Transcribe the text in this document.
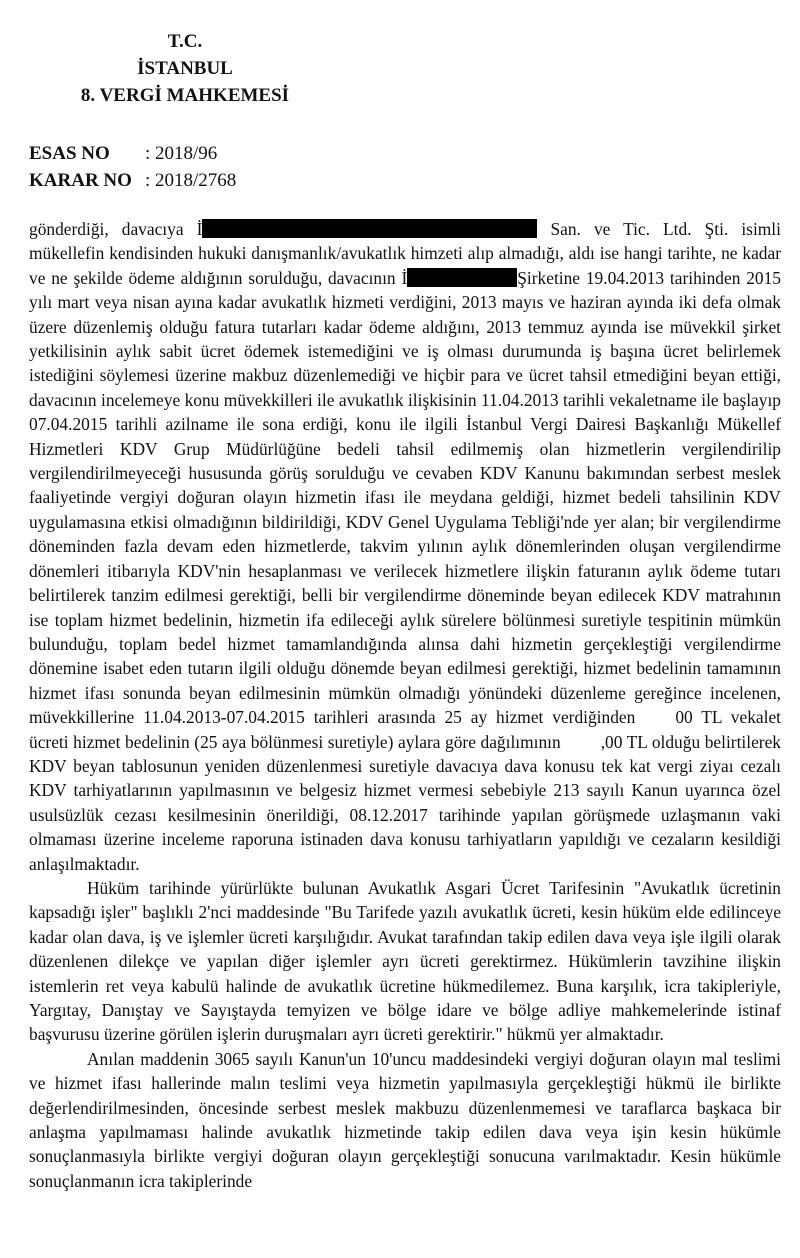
T.C.
İSTANBUL
8. VERGİ MAHKEMESİ
ESAS NO : 2018/96
KARAR NO : 2018/2768

gönderdiği, davacıya İ	San. ve Tic. Ltd. Şti. isimli mükellefin kendisinden hukuki danışmanlık/avukatlık himzeti alıp almadığı, aldı ise hangi tarihte, ne kadar ve ne şekilde ödeme aldığının sorulduğu, davacının İ	Şirketine 19.04.2013 tarihinden 2015 yılı mart veya nisan ayına kadar avukatlık hizmeti verdiğini, 2013 mayıs ve haziran ayında iki defa olmak üzere düzenlemiş olduğu fatura tutarları kadar ödeme aldığını, 2013 temmuz ayında ise müvekkil şirket yetkilisinin aylık sabit ücret ödemek istemediğini ve iş olması durumunda iş başına ücret belirlemek istediğini söylemesi üzerine makbuz düzenlemediği ve hiçbir para ve ücret tahsil etmediğini beyan ettiği, davacının incelemeye konu müvekkilleri ile avukatlık ilişkisinin 11.04.2013 tarihli vekaletname ile başlayıp 07.04.2015 tarihli azilname ile sona erdiği, konu ile ilgili İstanbul Vergi Dairesi Başkanlığı Mükellef Hizmetleri KDV Grup Müdürlüğüne bedeli tahsil edilmemiş olan hizmetlerin vergilendirilip vergilendirilmeyeceği hususunda görüş sorulduğu ve cevaben KDV Kanunu bakımından serbest meslek faaliyetinde vergiyi doğuran olayın hizmetin ifası ile meydana geldiği, hizmet bedeli tahsilinin KDV uygulamasına etkisi olmadığının bildirildiği, KDV Genel Uygulama Tebliği'nde yer alan; bir vergilendirme döneminden fazla devam eden hizmetlerde, takvim yılının aylık dönemlerinden oluşan vergilendirme dönemleri itibarıyla KDV'nin hesaplanması ve verilecek hizmetlere ilişkin faturanın aylık ödeme tutarı belirtilerek tanzim edilmesi gerektiği, belli bir vergilendirme döneminde beyan edilecek KDV matrahının ise toplam hizmet bedelinin, hizmetin ifa edileceği aylık sürelere bölünmesi suretiyle tespitinin mümkün bulunduğu, toplam bedel hizmet tamamlandığında alınsa dahi hizmetin gerçekleştiği vergilendirme dönemine isabet eden tutarın ilgili olduğu dönemde beyan edilmesi gerektiği, hizmet bedelinin tamamının hizmet ifası sonunda beyan edilmesinin mümkün olmadığı yönündeki düzenleme gereğince incelenen, müvekkillerine 11.04.2013-07.04.2015 tarihleri arasında 25 ay hizmet verdiğinden 00 TL vekalet ücreti hizmet bedelinin (25 aya bölünmesi suretiyle) aylara göre dağılımının ,00 TL olduğu belirtilerek KDV beyan tablosunun yeniden düzenlenmesi suretiyle davacıya dava konusu tek kat vergi ziyaı cezalı KDV tarhiyatlarının yapılmasının ve belgesiz hizmet vermesi sebebiyle 213 sayılı Kanun uyarınca özel usulsüzlük cezası kesilmesinin önerildiği, 08.12.2017 tarihinde yapılan görüşmede uzlaşmanın vaki olmaması üzerine inceleme raporuna istinaden dava konusu tarhiyatların yapıldığı ve cezaların kesildiği anlaşılmaktadır.

Hüküm tarihinde yürürlükte bulunan Avukatlık Asgari Ücret Tarifesinin "Avukatlık ücretinin kapsadığı işler" başlıklı 2'nci maddesinde "Bu Tarifede yazılı avukatlık ücreti, kesin hüküm elde edilinceye kadar olan dava, iş ve işlemler ücreti karşılığıdır. Avukat tarafından takip edilen dava veya işle ilgili olarak düzenlenen dilekçe ve yapılan diğer işlemler ayrı ücreti gerektirmez. Hükümlerin tavzihine ilişkin istemlerin ret veya kabulü halinde de avukatlık ücretine hükmedilemez. Buna karşılık, icra takipleriyle, Yargıtay, Danıştay ve Sayıştayda temyizen ve bölge idare ve bölge adliye mahkemelerinde istinaf başvurusu üzerine görülen işlerin duruşmaları ayrı ücreti gerektirir." hükmü yer almaktadır.

Anılan maddenin 3065 sayılı Kanun'un 10'uncu maddesindeki vergiyi doğuran olayın mal teslimi ve hizmet ifası hallerinde malın teslimi veya hizmetin yapılmasıyla gerçekleştiği hükmü ile birlikte değerlendirilmesinden, öncesinde serbest meslek makbuzu düzenlenmemesi ve taraflarca başkaca bir anlaşma yapılmaması halinde avukatlık hizmetinde takip edilen dava veya işin kesin hükümle sonuçlanmasıyla birlikte vergiyi doğuran olayın gerçekleştiği sonucuna varılmaktadır. Kesin hükümle sonuçlanmanın icra takiplerinde
